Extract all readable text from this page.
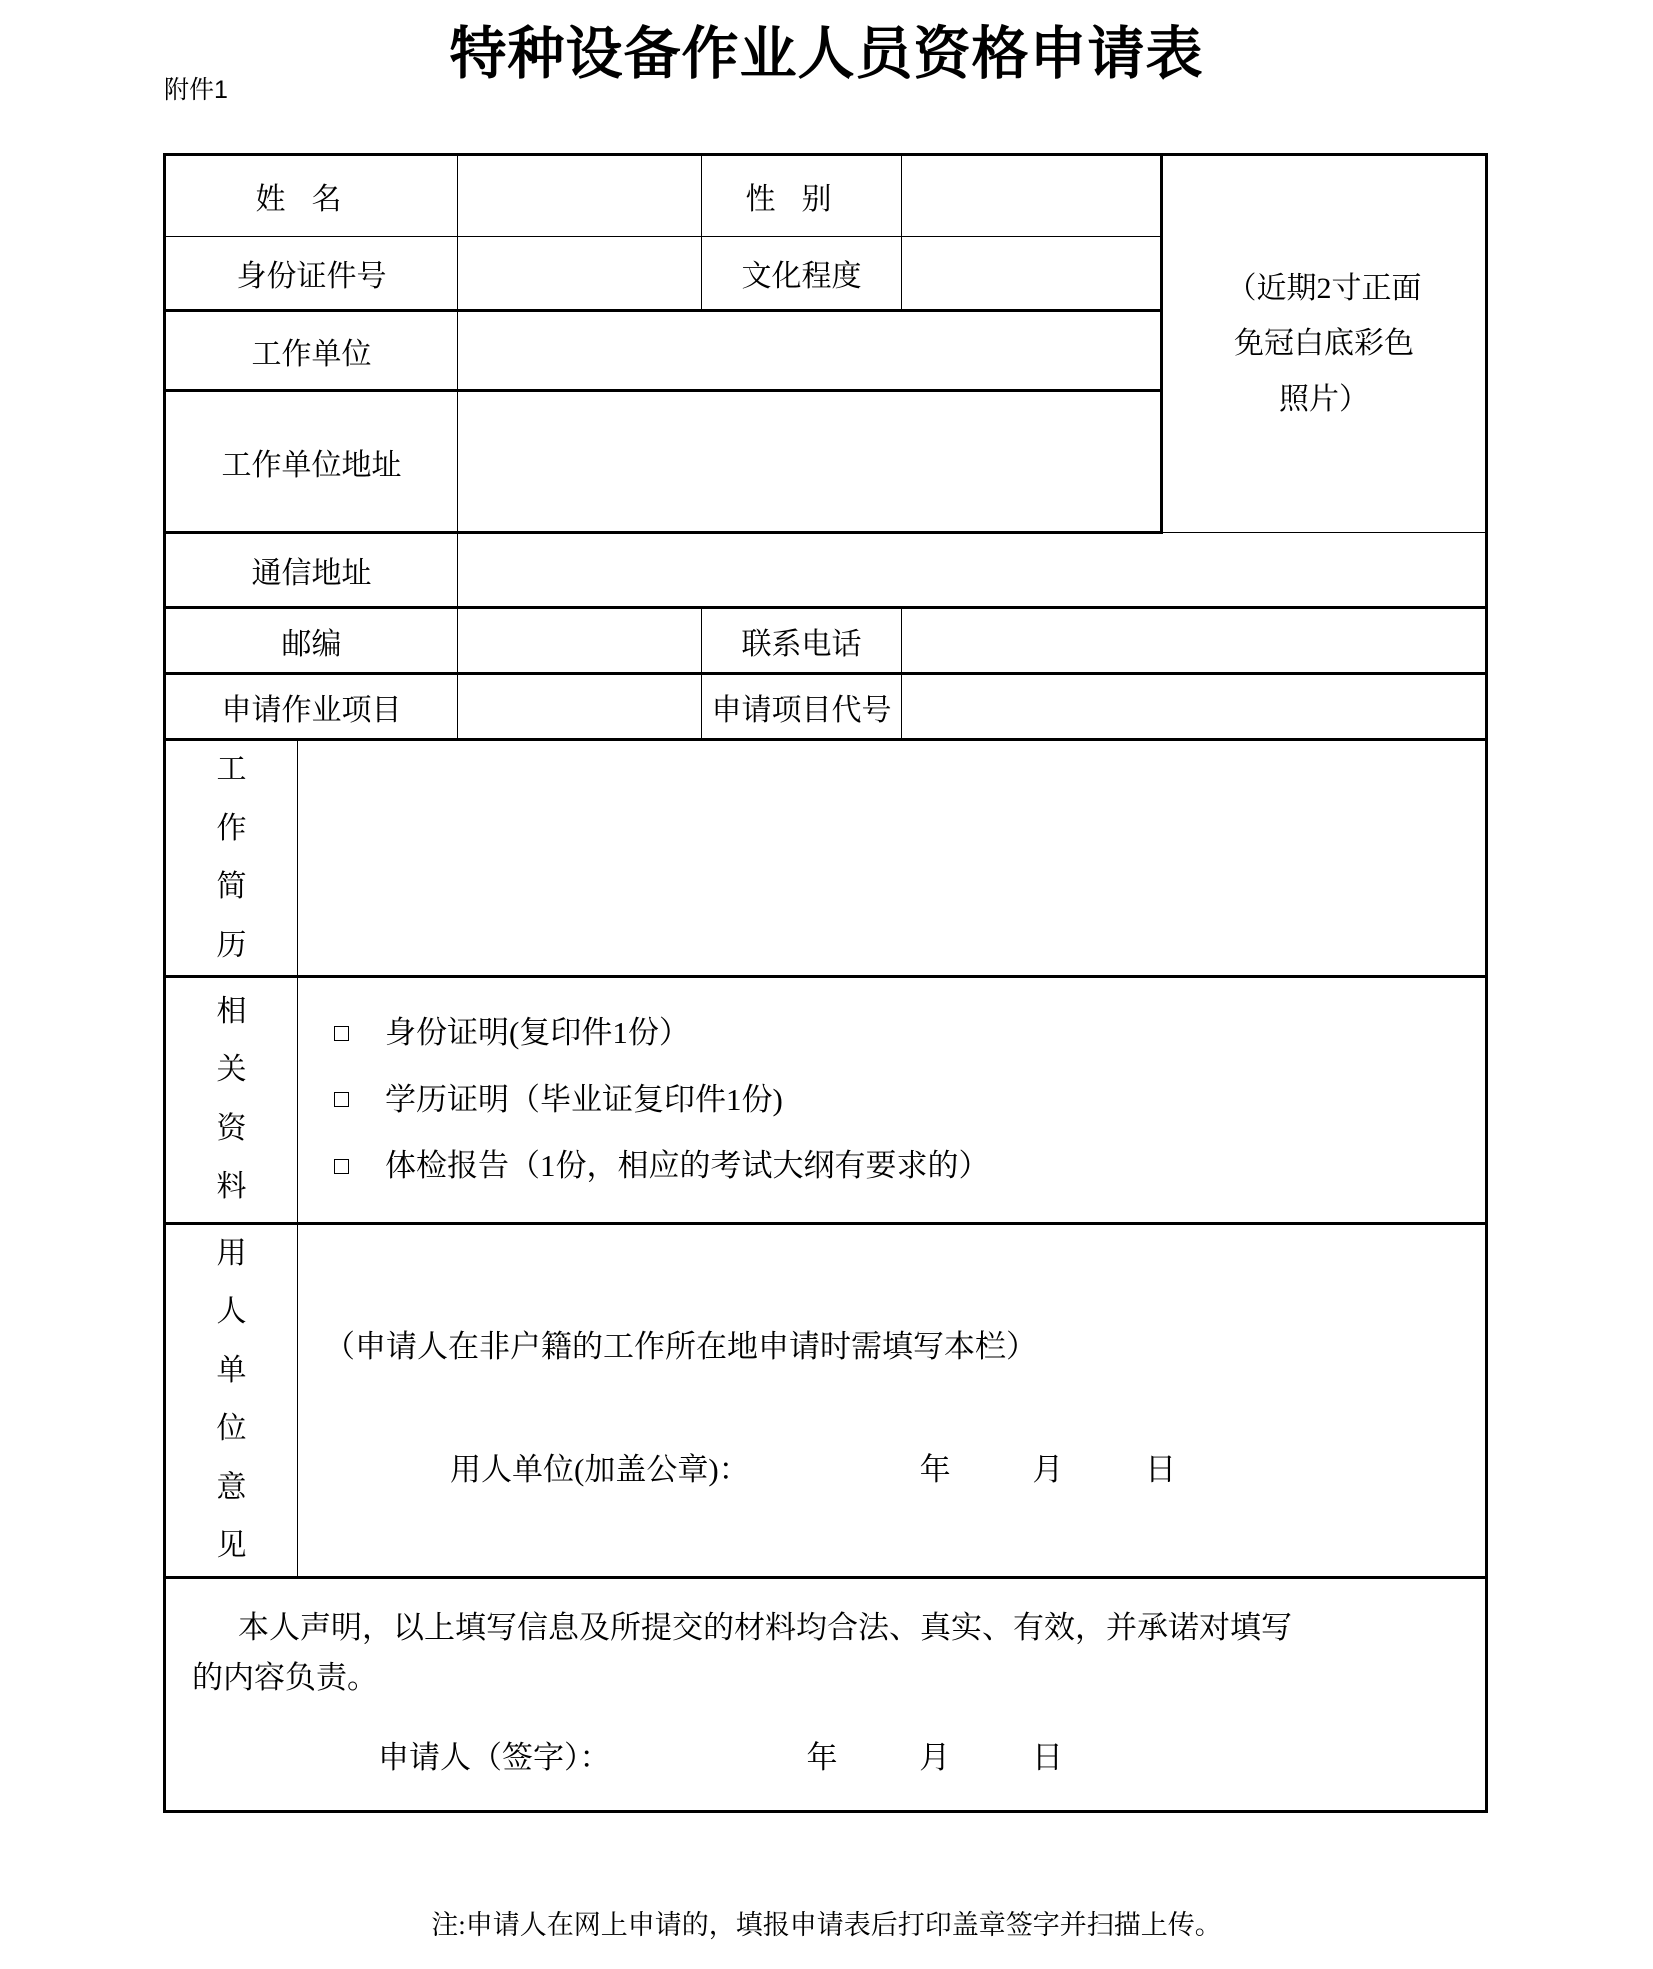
特种设备作业人员资格申请表
附件1
姓名			性别		（近期2寸正面
免冠白底彩色
照片）

身份证件号			文化程度		
工作单位					
工作单位地址					
通信地址					
邮编			联系电话		
申请作业项目			申请项目代号		

工
作
简
历					

相
关
资
料

身份证明(复印件1份）
学历证明（毕业证复印件1份)
体检报告（1份，相应的考试大纲有要求的）

用
人
单
位
意
见

（申请人在非户籍的工作所在地申请时需填写本栏）
用人单位(加盖公章)：	年	月	日

本人声明，以上填写信息及所提交的材料均合法、真实、有效，并承诺对填写

的内容负责。

申请人（签字）： 年 月 日					
注:申请人在网上申请的，填报申请表后打印盖章签字并扫描上传。
